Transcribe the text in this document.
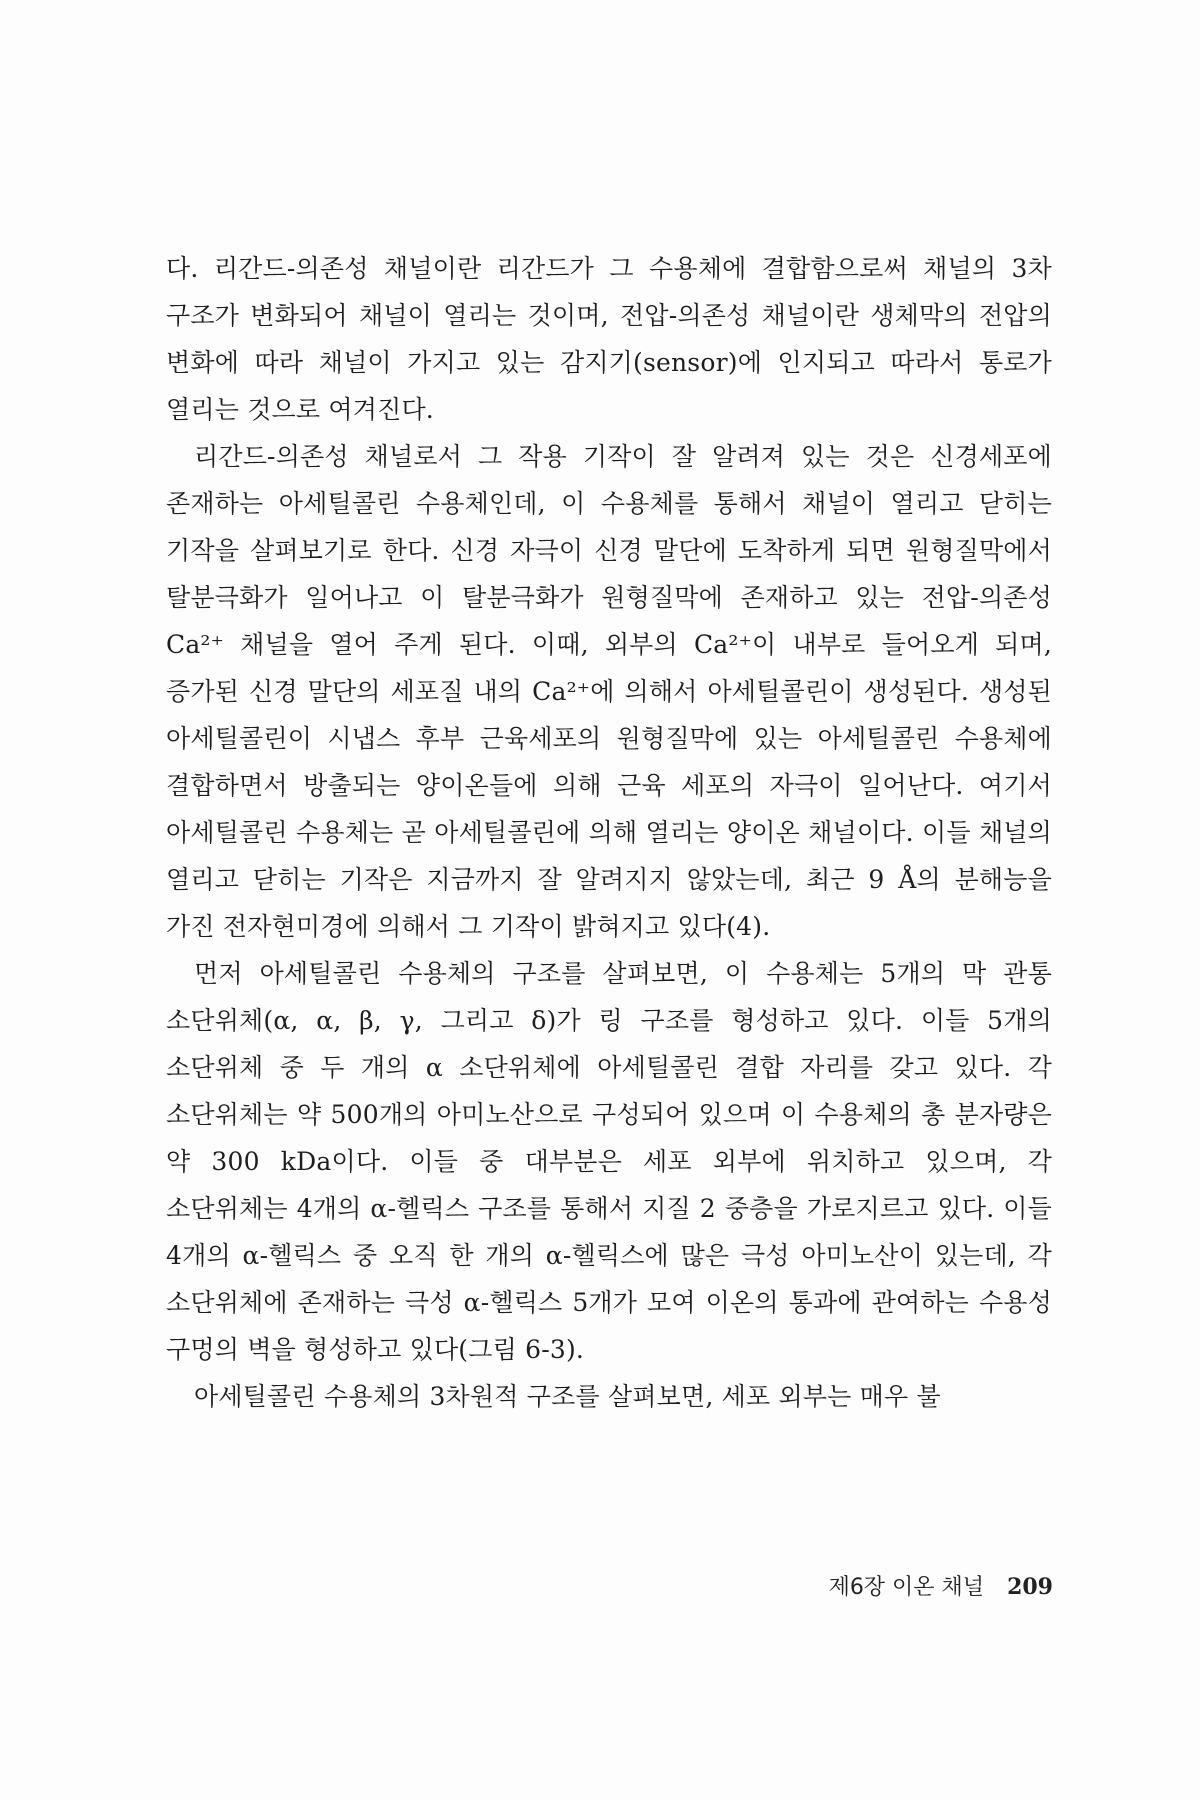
다. 리간드-의존성 채널이란 리간드가 그 수용체에 결합함으로써 채널의 3차 구조가 변화되어 채널이 열리는 것이며, 전압-의존성 채널이란 생체막의 전압의 변화에 따라 채널이 가지고 있는 감지기(sensor)에 인지되고 따라서 통로가 열리는 것으로 여겨진다.

리간드-의존성 채널로서 그 작용 기작이 잘 알려져 있는 것은 신경세포에 존재하는 아세틸콜린 수용체인데, 이 수용체를 통해서 채널이 열리고 닫히는 기작을 살펴보기로 한다. 신경 자극이 신경 말단에 도착하게 되면 원형질막에서 탈분극화가 일어나고 이 탈분극화가 원형질막에 존재하고 있는 전압-의존성 Ca²⁺ 채널을 열어 주게 된다. 이때, 외부의 Ca²⁺이 내부로 들어오게 되며, 증가된 신경 말단의 세포질 내의 Ca²⁺에 의해서 아세틸콜린이 생성된다. 생성된 아세틸콜린이 시냅스 후부 근육세포의 원형질막에 있는 아세틸콜린 수용체에 결합하면서 방출되는 양이온들에 의해 근육 세포의 자극이 일어난다. 여기서 아세틸콜린 수용체는 곧 아세틸콜린에 의해 열리는 양이온 채널이다. 이들 채널의 열리고 닫히는 기작은 지금까지 잘 알려지지 않았는데, 최근 9 Å의 분해능을 가진 전자현미경에 의해서 그 기작이 밝혀지고 있다(4).

먼저 아세틸콜린 수용체의 구조를 살펴보면, 이 수용체는 5개의 막 관통 소단위체(α, α, β, γ, 그리고 δ)가 링 구조를 형성하고 있다. 이들 5개의 소단위체 중 두 개의 α 소단위체에 아세틸콜린 결합 자리를 갖고 있다. 각 소단위체는 약 500개의 아미노산으로 구성되어 있으며 이 수용체의 총 분자량은 약 300 kDa이다. 이들 중 대부분은 세포 외부에 위치하고 있으며, 각 소단위체는 4개의 α-헬릭스 구조를 통해서 지질 2 중층을 가로지르고 있다. 이들 4개의 α-헬릭스 중 오직 한 개의 α-헬릭스에 많은 극성 아미노산이 있는데, 각 소단위체에 존재하는 극성 α-헬릭스 5개가 모여 이온의 통과에 관여하는 수용성 구멍의 벽을 형성하고 있다(그림 6-3).

아세틸콜린 수용체의 3차원적 구조를 살펴보면, 세포 외부는 매우 불

제6장 이온 채널 209
